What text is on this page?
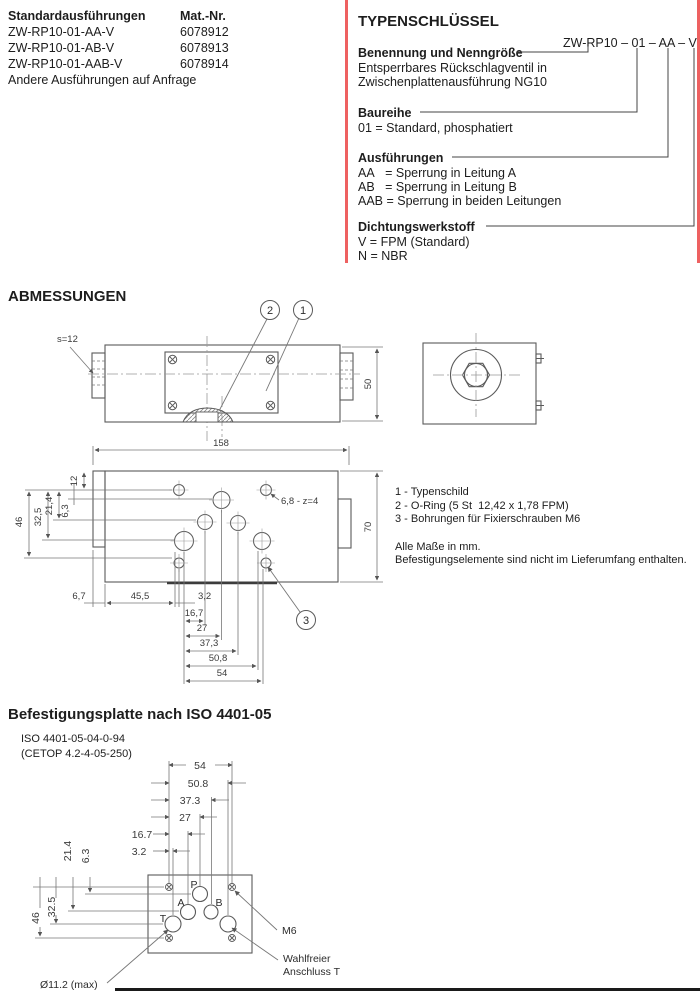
Standardausführungen	Mat.-Nr.
ZW-RP10-01-AA-V	6078912
ZW-RP10-01-AB-V	6078913
ZW-RP10-01-AAB-V	6078914
Andere Ausführungen auf Anfrage
TYPENSCHLÜSSEL
ZW-RP10 – 01 – AA – V
Benennung und Nenngröße
Entsperrbares Rückschlagventil in
Zwischenplattenausführung NG10
Baureihe
01 = Standard, phosphatiert
Ausführungen
AA   = Sperrung in Leitung A
AB   = Sperrung in Leitung B
AAB = Sperrung in beiden Leitungen
Dichtungswerkstoff
V = FPM (Standard)
N = NBR
ABMESSUNGEN
1 - Typenschild
2 - O-Ring (5 St  12,42 x 1,78 FPM)
3 - Bohrungen für Fixierschrauben M6
Alle Maße in mm.
Befestigungselemente sind nicht im Lieferumfang enthalten.
Befestigungsplatte nach ISO 4401-05
ISO 4401-05-04-0-94
(CETOP 4.2-4-05-250)
2 1
s=12
50
158
6,8 - z=4
12
6,3
21,4
32,5
46	70
6,7	45,5	3,2
16,7
27
37,3
50,8
54
3
P
A	B
T
54
50.8
37.3
27
16.7
3.2
6.3
21.4
32.5
46
M6
Wahlfreier
Anschluss T
Ø11.2 (max)
